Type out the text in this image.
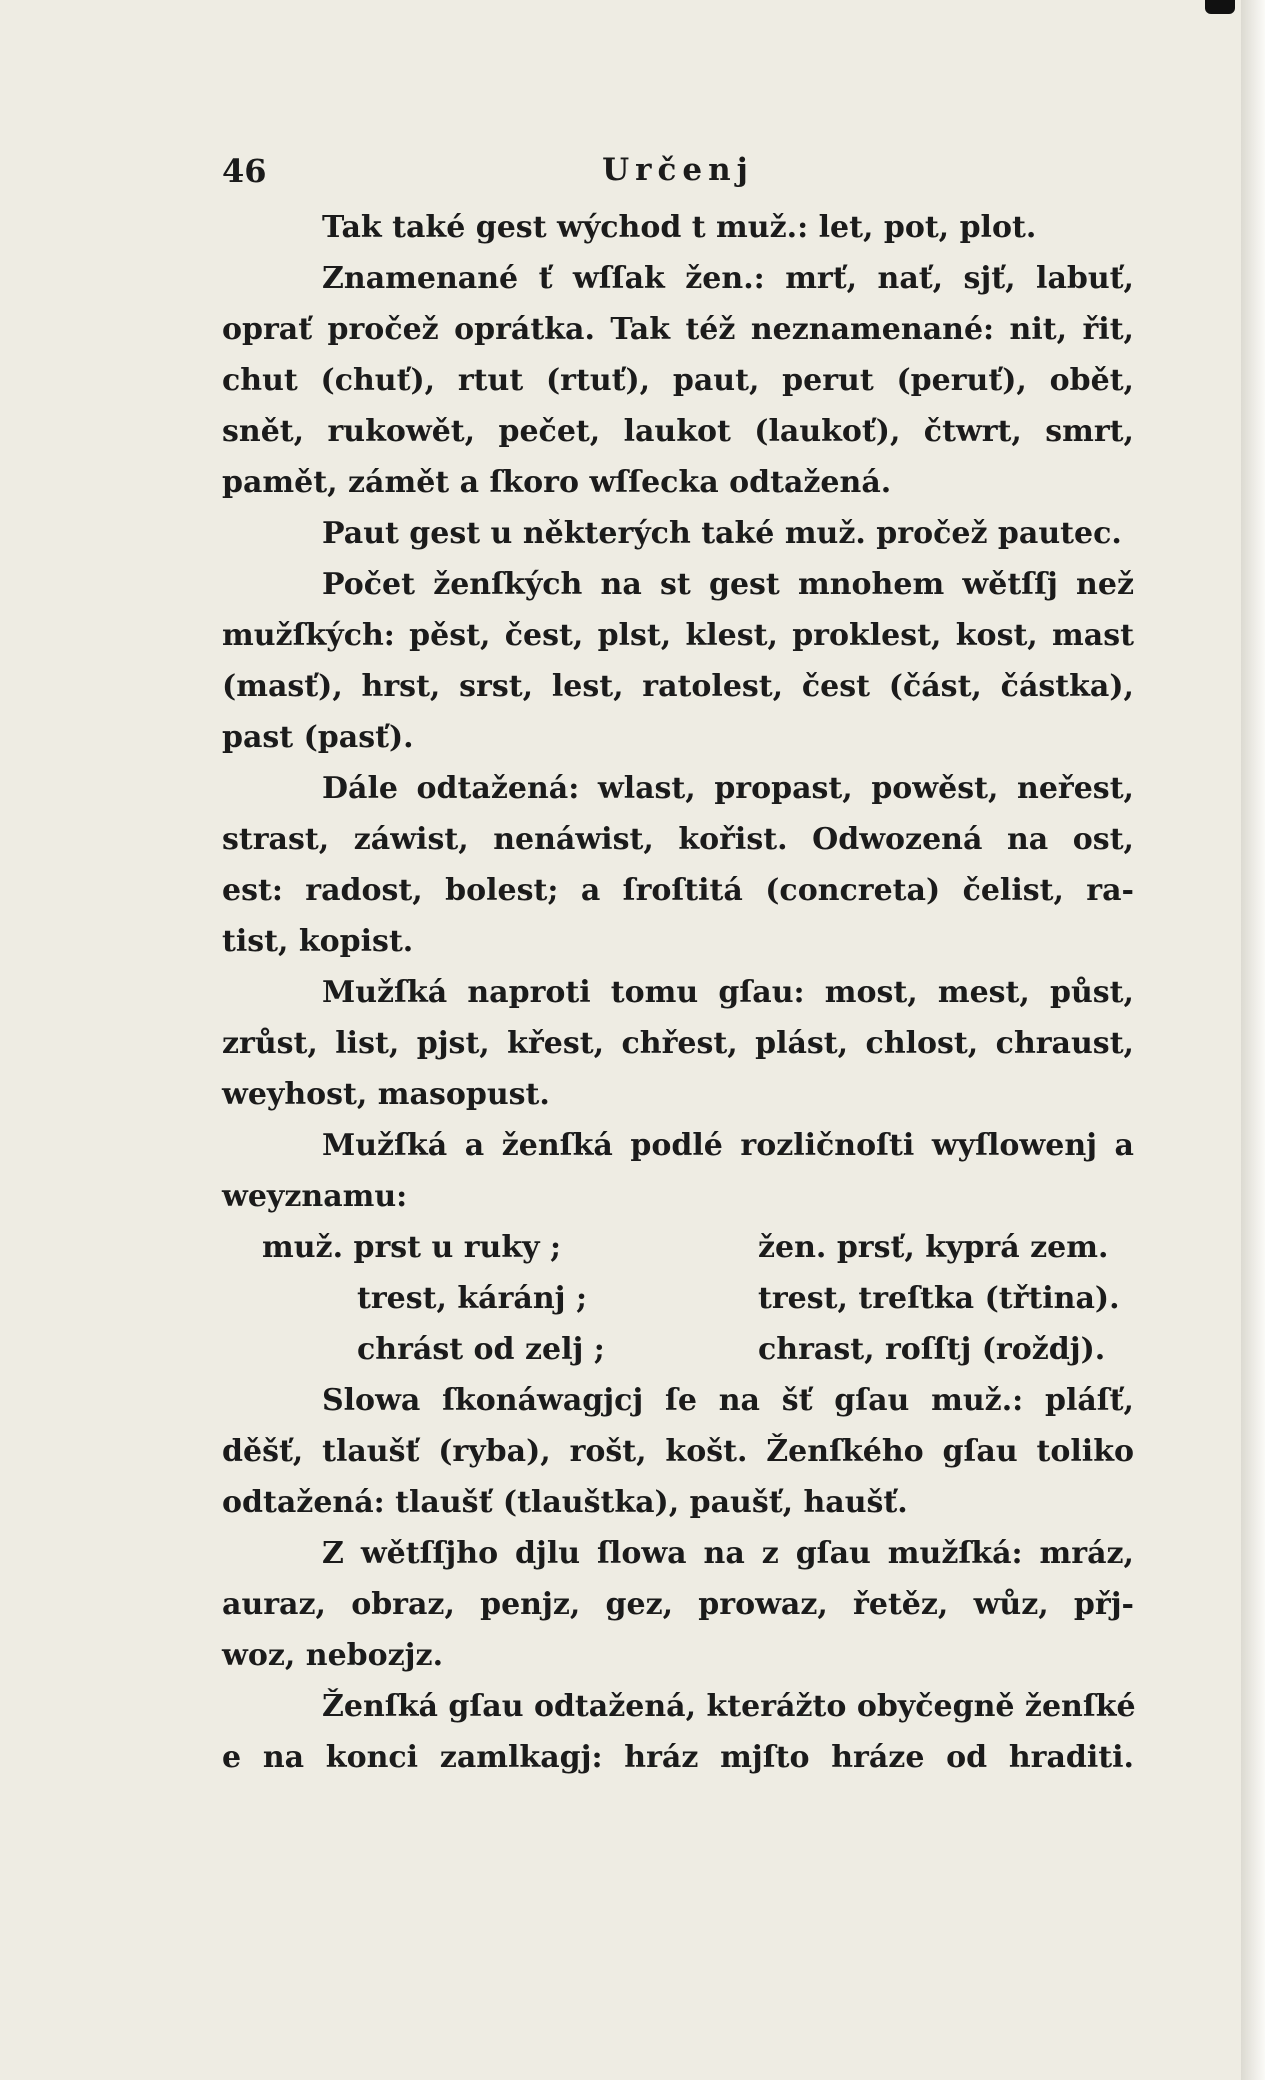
46	Určenj
Tak také gest wýchod t muž.: let, pot, plot.
Znamenané ť wſſak žen.: mrť, nať, sjť, labuť,
oprať pročež oprátka. Tak též neznamenané: nit, řit,
chut (chuť), rtut (rtuť), paut, perut (peruť), obět,
snět, rukowět, pečet, laukot (laukoť), čtwrt, smrt,
pamět, zámět a ſkoro wſſecka odtažená.
Paut gest u některých také muž. pročež pautec.
Počet ženſkých na st gest mnohem wětſſj než
mužſkých: pěst, čest, plst, klest, proklest, kost, mast
(masť), hrst, srst, lest, ratolest, čest (část, částka),
past (pasť).
Dále odtažená: wlast, propast, powěst, neřest,
strast, záwist, nenáwist, kořist. Odwozená na ost,
est: radost, bolest; a ſroſtitá (concreta) čelist, ra-
tist, kopist.
Mužſká naproti tomu gſau: most, mest, půst,
zrůst, list, pjst, křest, chřest, plást, chlost, chraust,
weyhost, masopust.
Mužſká a ženſká podlé rozličnoſti wyſlowenj a
weyznamu:
muž. prst u ruky ;	žen. prsť, kyprá zem.
trest, káránj ;	trest, treſtka (třtina).
chrást od zelj ;	chrast, roſſtj (roždj).
Slowa ſkonáwagjcj ſe na šť gſau muž.: pláſť,
děšť, tlaušť (ryba), rošt, košt. Ženſkého gſau toliko
odtažená: tlaušť (tlauštka), paušť, haušť.
Z wětſſjho djlu ſlowa na z gſau mužſká: mráz,
auraz, obraz, penjz, gez, prowaz, řetěz, wůz, přj-
woz, nebozjz.
Ženſká gſau odtažená, kterážto obyčegně ženſké
e na konci zamlkagj: hráz mjſto hráze od hraditi.
